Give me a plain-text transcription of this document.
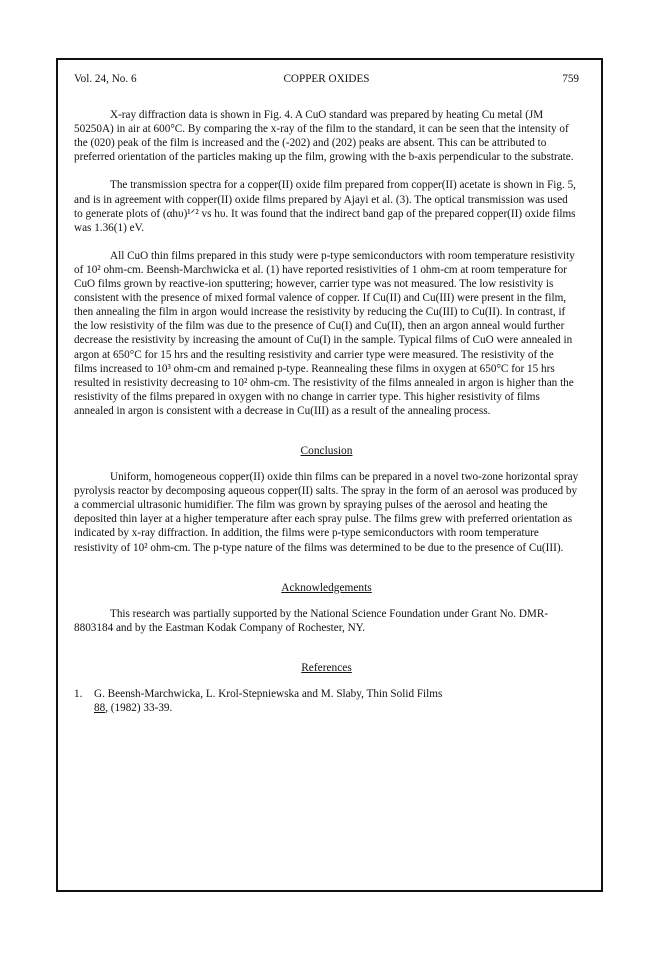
Vol. 24, No. 6	COPPER OXIDES	759

X-ray diffraction data is shown in Fig. 4. A CuO standard was prepared by heating Cu metal (JM 50250A) in air at 600°C. By comparing the x-ray of the film to the standard, it can be seen that the intensity of the (020) peak of the film is increased and the (-202) and (202) peaks are absent. This can be attributed to preferred orientation of the particles making up the film, growing with the b-axis perpendicular to the substrate.

The transmission spectra for a copper(II) oxide film prepared from copper(II) acetate is shown in Fig. 5, and is in agreement with copper(II) oxide films prepared by Ajayi et al. (3). The optical transmission was used to generate plots of (αhυ)¹ᐟ² vs hυ. It was found that the indirect band gap of the prepared copper(II) oxide films was 1.36(1) eV.

All CuO thin films prepared in this study were p-type semiconductors with room temperature resistivity of 10² ohm-cm. Beensh-Marchwicka et al. (1) have reported resistivities of 1 ohm-cm at room temperature for CuO films grown by reactive-ion sputtering; however, carrier type was not measured. The low resistivity is consistent with the presence of mixed formal valence of copper. If Cu(II) and Cu(III) were present in the film, then annealing the film in argon would increase the resistivity by reducing the Cu(III) to Cu(II). In contrast, if the low resistivity of the film was due to the presence of Cu(I) and Cu(II), then an argon anneal would further decrease the resistivity by increasing the amount of Cu(I) in the sample. Typical films of CuO were annealed in argon at 650°C for 15 hrs and the resulting resistivity and carrier type were measured. The resistivity of the films increased to 10³ ohm-cm and remained p-type. Reannealing these films in oxygen at 650°C for 15 hrs resulted in resistivity decreasing to 10² ohm-cm. The resistivity of the films annealed in argon is higher than the resistivity of the films prepared in oxygen with no change in carrier type. This higher resistivity of films annealed in argon is consistent with a decrease in Cu(III) as a result of the annealing process.

Conclusion

Uniform, homogeneous copper(II) oxide thin films can be prepared in a novel two-zone horizontal spray pyrolysis reactor by decomposing aqueous copper(II) salts. The spray in the form of an aerosol was produced by a commercial ultrasonic humidifier. The film was grown by spraying pulses of the aerosol and heating the deposited thin layer at a higher temperature after each spray pulse. The films grew with preferred orientation as indicated by x-ray diffraction. In addition, the films were p-type semiconductors with room temperature resistivity of 10² ohm-cm. The p-type nature of the films was determined to be due to the presence of Cu(III).

Acknowledgements

This research was partially supported by the National Science Foundation under Grant No. DMR-8803184 and by the Eastman Kodak Company of Rochester, NY.

References
1. G. Beensh-Marchwicka, L. Krol-Stepniewska and M. Slaby, Thin Solid Films
88, (1982) 33-39.
